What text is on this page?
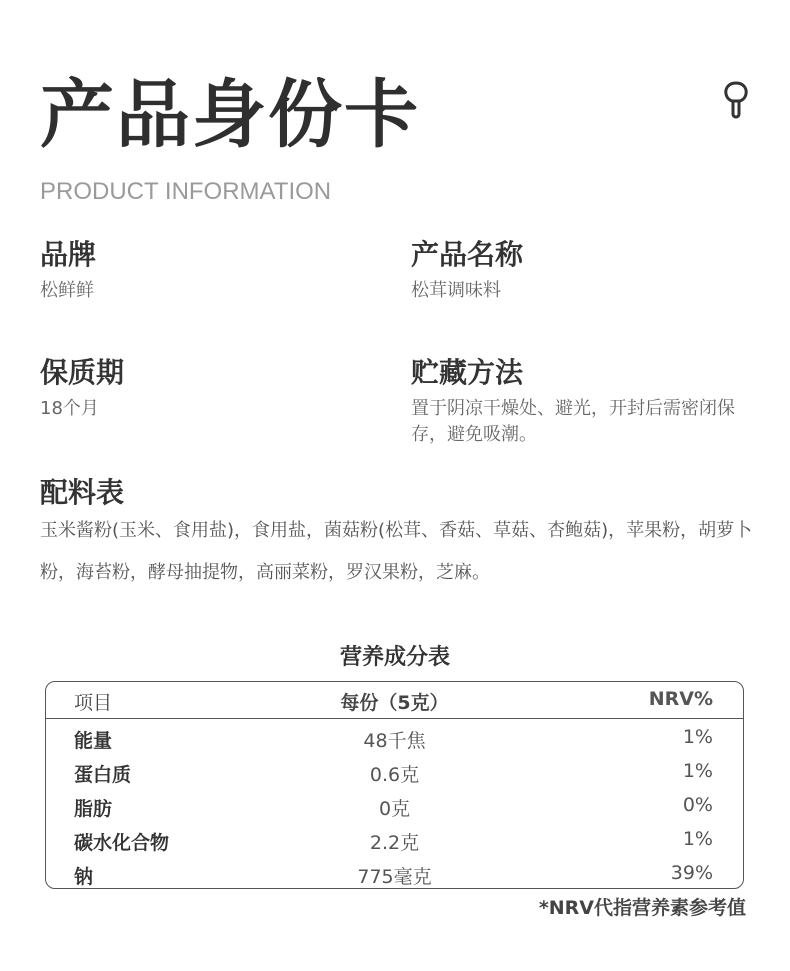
产品身份卡
PRODUCT INFORMATION
品牌
松鲜鲜
产品名称
松茸调味料
保质期
18个月
贮藏方法
置于阴凉干燥处、避光，开封后需密闭保存，避免吸潮。
配料表
玉米酱粉(玉米、食用盐)，食用盐，菌菇粉(松茸、香菇、草菇、杏鲍菇)，苹果粉，胡萝卜粉，海苔粉，酵母抽提物，高丽菜粉，罗汉果粉，芝麻。
营养成分表
项目	每份（5克）	NRV%
能量	48千焦	1%
蛋白质	0.6克	1%
脂肪	0克	0%
碳水化合物	2.2克	1%
钠	775毫克	39%
*NRV代指营养素参考值
